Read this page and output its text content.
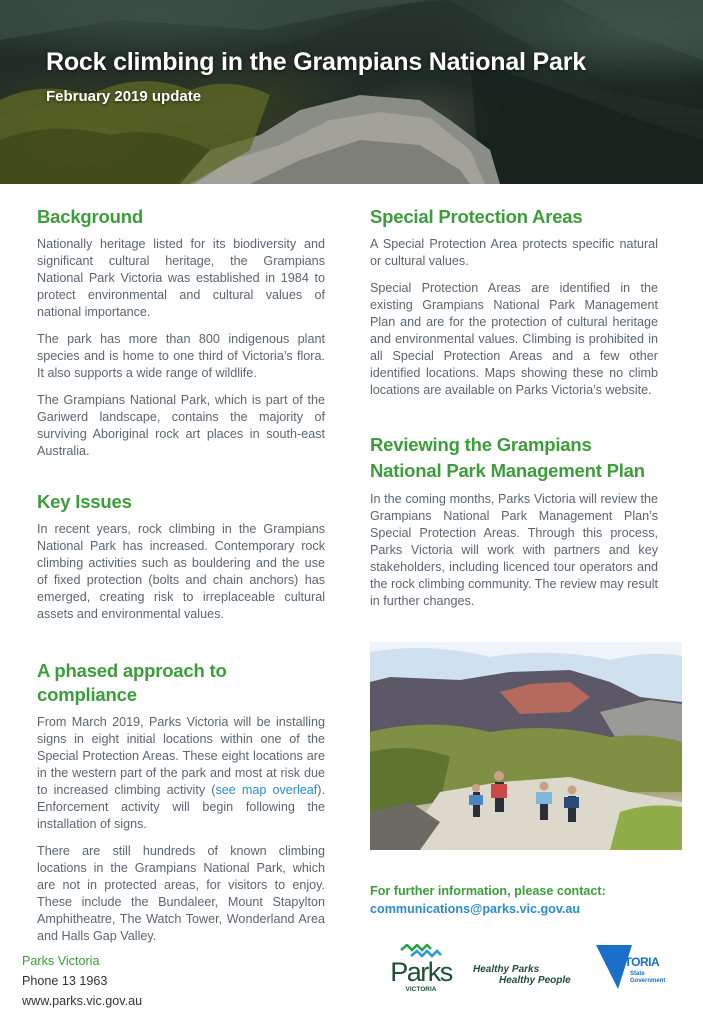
Rock climbing in the Grampians National Park
February 2019 update
Background

Nationally heritage listed for its biodiversity and significant cultural heritage, the Grampians National Park Victoria was established in 1984 to protect environmental and cultural values of national importance.

The park has more than 800 indigenous plant species and is home to one third of Victoria’s flora. It also supports a wide range of wildlife.

The Grampians National Park, which is part of the Gariwerd landscape, contains the majority of surviving Aboriginal rock art places in south-east Australia.

Key Issues

In recent years, rock climbing in the Grampians National Park has increased. Contemporary rock climbing activities such as bouldering and the use of fixed protection (bolts and chain anchors) has emerged, creating risk to irreplaceable cultural assets and environmental values.

A phased approach to compliance

From March 2019, Parks Victoria will be installing signs in eight initial locations within one of the Special Protection Areas. These eight locations are in the western part of the park and most at risk due to increased climbing activity (see map overleaf). Enforcement activity will begin following the installation of signs.

There are still hundreds of known climbing locations in the Grampians National Park, which are not in protected areas, for visitors to enjoy. These include the Bundaleer, Mount Stapylton Amphitheatre, The Watch Tower, Wonderland Area and Halls Gap Valley.

Special Protection Areas

A Special Protection Area protects specific natural or cultural values.

Special Protection Areas are identified in the existing Grampians National Park Management Plan and are for the protection of cultural heritage and environmental values. Climbing is prohibited in all Special Protection Areas and a few other identified locations. Maps showing these no climb locations are available on Parks Victoria’s website.

Reviewing the Grampians
National Park Management Plan

In the coming months, Parks Victoria will review the Grampians National Park Management Plan’s Special Protection Areas. Through this process, Parks Victoria will work with partners and key stakeholders, including licenced tour operators and the rock climbing community. The review may result in further changes.

For further information, please contact:
communications@parks.vic.gov.au
Parks Victoria
Phone 13 1963
www.parks.vic.gov.au
Parks
VICTORIA
Healthy Parks
Healthy People
VICTORIA
State
Government
